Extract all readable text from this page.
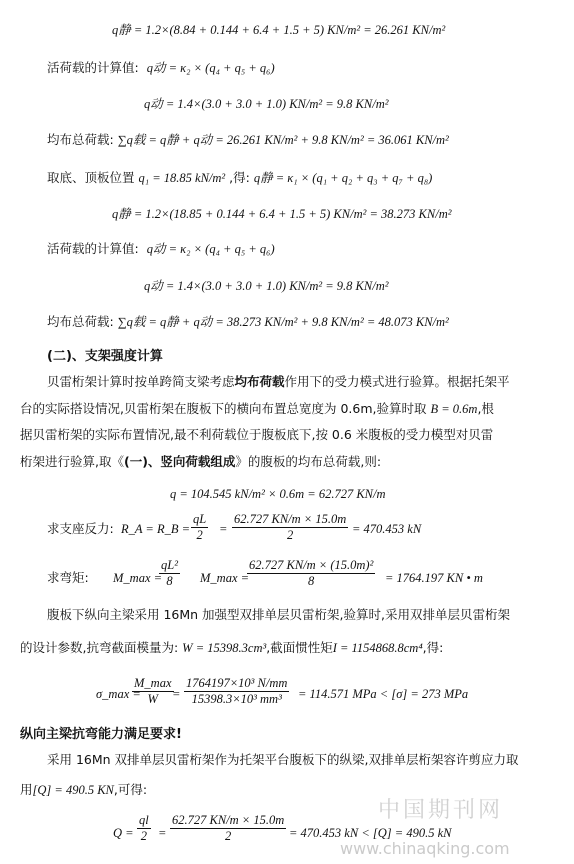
q静 = 1.2×(8.84 + 0.144 + 6.4 + 1.5 + 5) KN/m² = 26.261 KN/m²
活荷载的计算值: q动 = κ₂ × (q₄ + q₅ + q₆)
q动 = 1.4×(3.0 + 3.0 + 1.0) KN/m² = 9.8 KN/m²
均布总荷载: ∑q载 = q静 + q动 = 26.261 KN/m² + 9.8 KN/m² = 36.061 KN/m²
取底、顶板位置 q₁ = 18.85 kN/m² ,得: q静 = κ₁ × (q₁ + q₂ + q₃ + q₇ + q₈)
q静 = 1.2×(18.85 + 0.144 + 6.4 + 1.5 + 5) KN/m² = 38.273 KN/m²
活荷载的计算值: q动 = κ₂ × (q₄ + q₅ + q₆)
q动 = 1.4×(3.0 + 3.0 + 1.0) KN/m² = 9.8 KN/m²
均布总荷载: ∑q载 = q静 + q动 = 38.273 KN/m² + 9.8 KN/m² = 48.073 KN/m²
(二)、支架强度计算
贝雷桁架计算时按单跨简支梁考虑均布荷载作用下的受力模式进行验算。根据托架平
台的实际搭设情况,贝雷桁架在腹板下的横向布置总宽度为 0.6m,验算时取 B = 0.6m,根
据贝雷桁架的实际布置情况,最不利荷载位于腹板底下,按 0.6 米腹板的受力模型对贝雷
桁架进行验算,取《(一)、竖向荷载组成》的腹板的均布总荷载,则:
q = 104.545 kN/m² × 0.6m = 62.727 KN/m
求支座反力: R_A = R_B = $\frac{qL}{2} = \frac{62.727 KN/m \times 15.0m}{2} = 470.453$ kN
求弯矩: M_max =
$\frac{\text{qL²}}{8}$ M_max =
$\frac{\text{62.727 KN/m × (15.0m)²}}{8} = 1764.197$ KN • m
腹板下纵向主梁采用 16Mn 加强型双排单层贝雷桁架,验算时,采用双排单层贝雷桁架
的设计参数,抗弯截面模量为: W = 15398.3cm³,截面惯性矩I = 1154868.8cm⁴,得:
σ_max =
M_max
W	= $\frac{\text{1764197×10³ N/mm}}{\text{15398.3×10³ mm³}} = 114.571$ MPa < [σ] = 273 MPa
纵向主梁抗弯能力满足要求!
采用 16Mn 双排单层贝雷桁架作为托架平台腹板下的纵梁,双排单层桁架容许剪应力取
用[Q] = 490.5 KN,可得:
$Q = \frac{ql}{2} = \frac{62.727 KN/m \times 15.0m}{2} = 470.453$ kN < [Q] = 490.5 kN
中国期刊网
www.chinaqking.com
